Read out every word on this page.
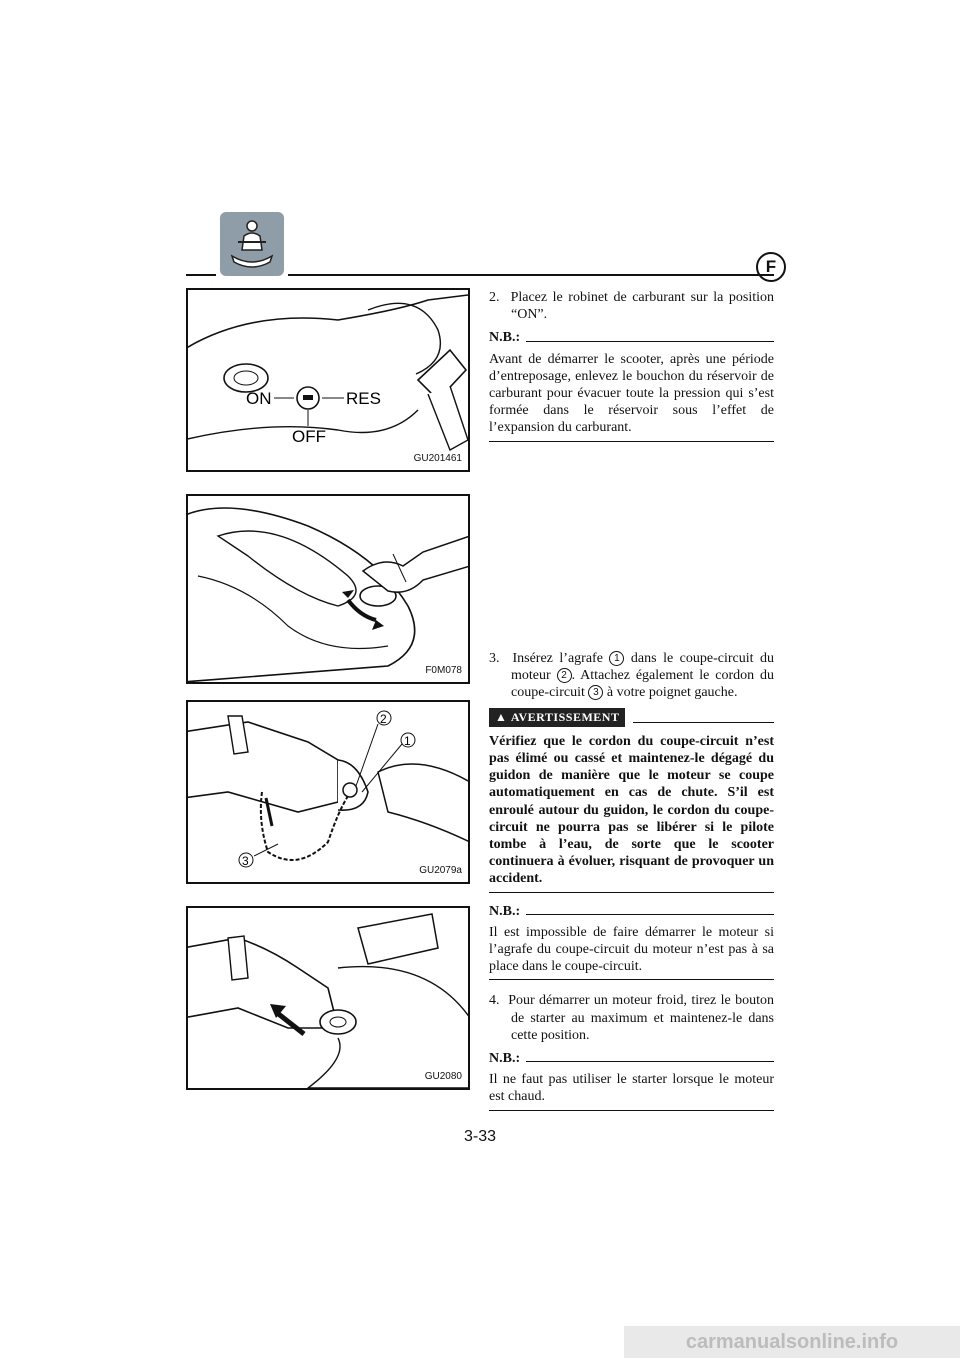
F
ON	RES
OFF
GU201461
F0M078
2
1
3
GU2079a
GU2080
2. Placez le robinet de carburant sur la position “ON”.
N.B.:
Avant de démarrer le scooter, après une période d’entreposage, enlevez le bouchon du réservoir de carburant pour évacuer toute la pression qui s’est formée dans le réservoir sous l’effet de l’expansion du carburant.
3. Insérez l’agrafe 1 dans le coupe-circuit du moteur 2 . Attachez également le cordon du coupe-circuit 3 à votre poignet gauche.
▲ AVERTISSEMENT
Vérifiez que le cordon du coupe-circuit n’est pas élimé ou cassé et maintenez-le dégagé du guidon de manière que le moteur se coupe automatiquement en cas de chute. S’il est enroulé autour du guidon, le cordon du coupe-circuit ne pourra pas se libérer si le pilote tombe à l’eau, de sorte que le scooter continuera à évoluer, risquant de provoquer un accident.
N.B.:
Il est impossible de faire démarrer le moteur si l’agrafe du coupe-circuit du moteur n’est pas à sa place dans le coupe-circuit.
4. Pour démarrer un moteur froid, tirez le bouton de starter au maximum et maintenez-le dans cette position.
N.B.:
Il ne faut pas utiliser le starter lorsque le moteur est chaud.
3-33
carmanualsonline.info
